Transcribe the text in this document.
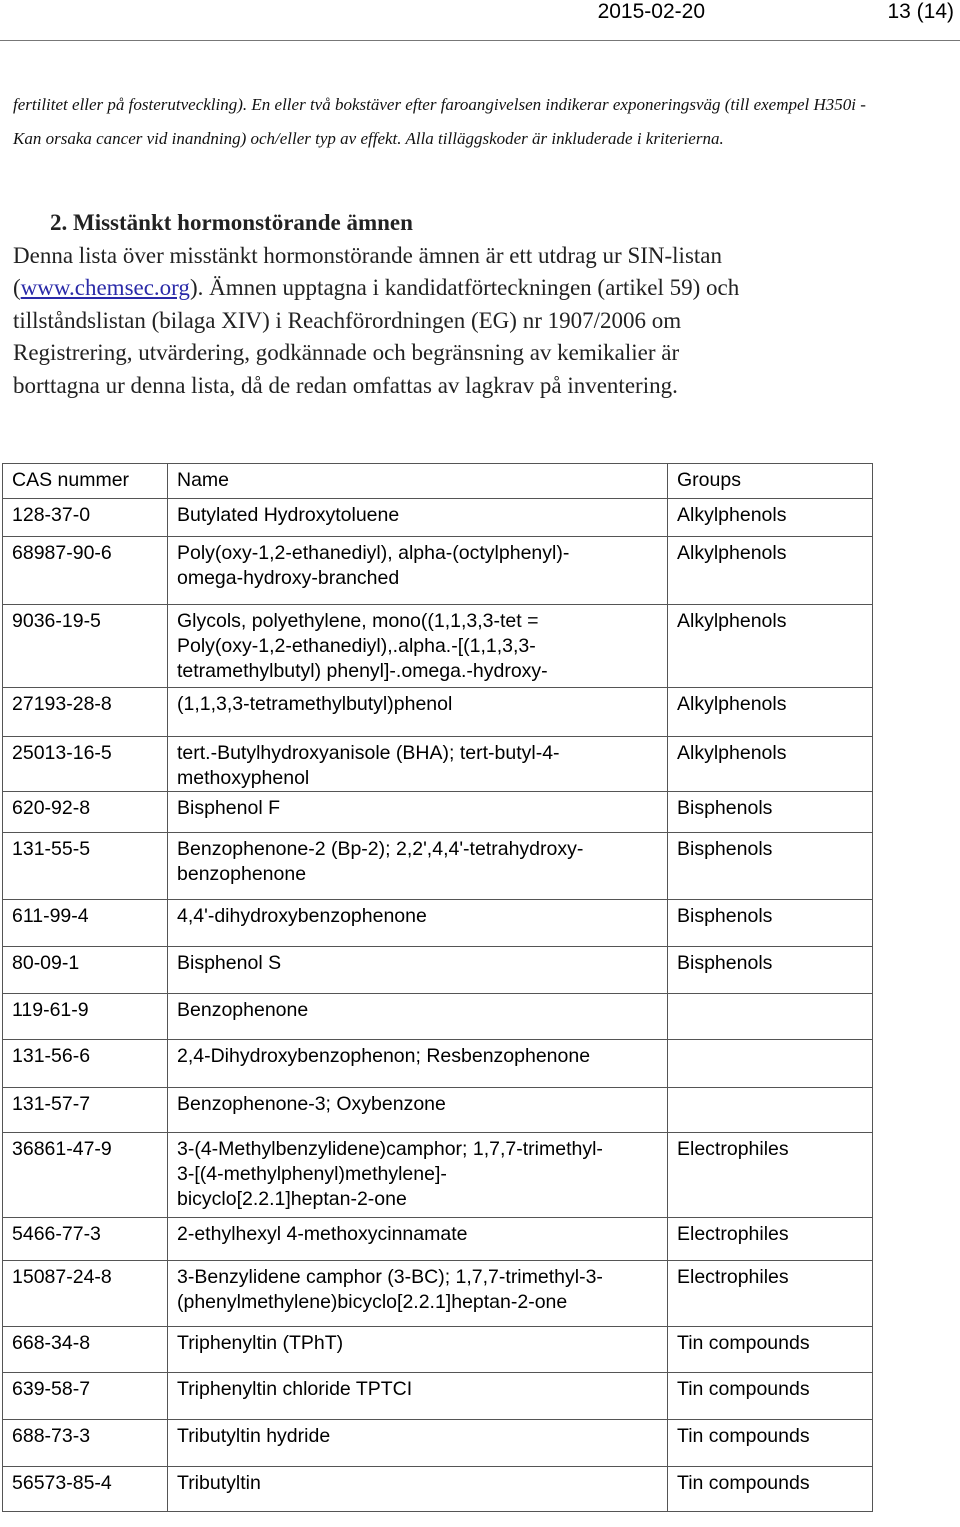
2015-02-20	13 (14)
fertilitet eller på fosterutveckling). En eller två bokstäver efter faroangivelsen indikerar exponeringsväg (till exempel H350i -
Kan orsaka cancer vid inandning) och/eller typ av effekt. Alla tilläggskoder är inkluderade i kriterierna.
2. Misstänkt hormonstörande ämnen
Denna lista över misstänkt hormonstörande ämnen är ett utdrag ur SIN-listan
(www.chemsec.org). Ämnen upptagna i kandidatförteckningen (artikel 59) och
tillståndslistan (bilaga XIV) i Reachförordningen (EG) nr 1907/2006 om
Registrering, utvärdering, godkännade och begränsning av kemikalier är
borttagna ur denna lista, då de redan omfattas av lagkrav på inventering.
CAS nummer	Name	Groups
128-37-0	Butylated Hydroxytoluene	Alkylphenols
68987-90-6	Poly(oxy-1,2-ethanediyl), alpha-(octylphenyl)-
omega-hydroxy-branched	Alkylphenols
9036-19-5	Glycols, polyethylene, mono((1,1,3,3-tet =
Poly(oxy-1,2-ethanediyl),.alpha.-[(1,1,3,3-
tetramethylbutyl) phenyl]-.omega.-hydroxy-	Alkylphenols
27193-28-8	(1,1,3,3-tetramethylbutyl)phenol	Alkylphenols
25013-16-5	tert.-Butylhydroxyanisole (BHA); tert-butyl-4-
methoxyphenol	Alkylphenols
620-92-8	Bisphenol F	Bisphenols
131-55-5	Benzophenone-2 (Bp-2); 2,2',4,4'-tetrahydroxy-
benzophenone	Bisphenols
611-99-4	4,4'-dihydroxybenzophenone	Bisphenols
80-09-1	Bisphenol S	Bisphenols
119-61-9	Benzophenone	

131-56-6	2,4-Dihydroxybenzophenon; Resbenzophenone	

131-57-7	Benzophenone-3; Oxybenzone	

36861-47-9	3-(4-Methylbenzylidene)camphor; 1,7,7-trimethyl-
3-[(4-methylphenyl)methylene]-
bicyclo[2.2.1]heptan-2-one	Electrophiles
5466-77-3	2-ethylhexyl 4-methoxycinnamate	Electrophiles
15087-24-8	3-Benzylidene camphor (3-BC); 1,7,7-trimethyl-3-
(phenylmethylene)bicyclo[2.2.1]heptan-2-one	Electrophiles
668-34-8	Triphenyltin (TPhT)	Tin compounds
639-58-7	Triphenyltin chloride TPTCI	Tin compounds
688-73-3	Tributyltin hydride	Tin compounds
56573-85-4	Tributyltin	Tin compounds
